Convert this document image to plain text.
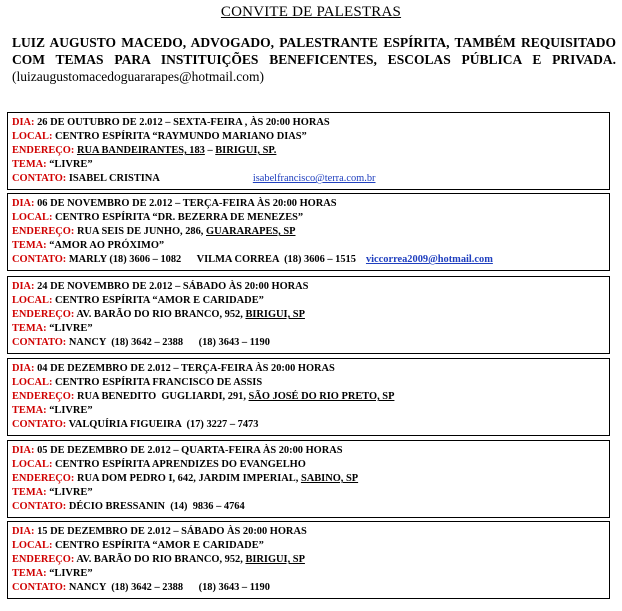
CONVITE DE PALESTRAS
LUIZ AUGUSTO MACEDO, ADVOGADO, PALESTRANTE ESPÍRITA, TAMBÉM REQUISITADO COM TEMAS PARA INSTITUIÇÕES BENEFICENTES, ESCOLAS PÚBLICA E PRIVADA. (luizaugustomacedoguararapes@hotmail.com)
DIA: 26 DE OUTUBRO DE 2.012 – SEXTA-FEIRA , ÀS 20:00 HORAS
LOCAL: CENTRO ESPÍRITA “RAYMUNDO MARIANO DIAS”
ENDEREÇO: RUA BANDEIRANTES, 183 – BIRIGUI, SP.
TEMA: “LIVRE”
CONTATO: ISABEL CRISTINA	isabelfrancisco@terra.com.br
DIA: 06 DE NOVEMBRO DE 2.012 – TERÇA-FEIRA ÀS 20:00 HORAS
LOCAL: CENTRO ESPÍRITA “DR. BEZERRA DE MENEZES”
ENDEREÇO: RUA SEIS DE JUNHO, 286, GUARARAPES, SP
TEMA: “AMOR AO PRÓXIMO”
CONTATO: MARLY (18) 3606 – 1082      VILMA CORREA  (18) 3606 – 1515 viccorrea2009@hotmail.com
DIA: 24 DE NOVEMBRO DE 2.012 – SÁBADO ÀS 20:00 HORAS
LOCAL: CENTRO ESPÍRITA “AMOR E CARIDADE”
ENDEREÇO: AV. BARÃO DO RIO BRANCO, 952, BIRIGUI, SP
TEMA: “LIVRE”
CONTATO: NANCY  (18) 3642 – 2388      (18) 3643 – 1190
DIA: 04 DE DEZEMBRO DE 2.012 – TERÇA-FEIRA ÀS 20:00 HORAS
LOCAL: CENTRO ESPÍRITA FRANCISCO DE ASSIS
ENDEREÇO: RUA BENEDITO  GUGLIARDI, 291, SÃO JOSÉ DO RIO PRETO, SP
TEMA: “LIVRE”
CONTATO: VALQUÍRIA FIGUEIRA  (17) 3227 – 7473
DIA: 05 DE DEZEMBRO DE 2.012 – QUARTA-FEIRA ÀS 20:00 HORAS
LOCAL: CENTRO ESPÍRITA APRENDIZES DO EVANGELHO
ENDEREÇO: RUA DOM PEDRO I, 642, JARDIM IMPERIAL, SABINO, SP
TEMA: “LIVRE”
CONTATO: DÉCIO BRESSANIN  (14)  9836 – 4764
DIA: 15 DE DEZEMBRO DE 2.012 – SÁBADO ÀS 20:00 HORAS
LOCAL: CENTRO ESPÍRITA “AMOR E CARIDADE”
ENDEREÇO: AV. BARÃO DO RIO BRANCO, 952, BIRIGUI, SP
TEMA: “LIVRE”
CONTATO: NANCY  (18) 3642 – 2388      (18) 3643 – 1190
